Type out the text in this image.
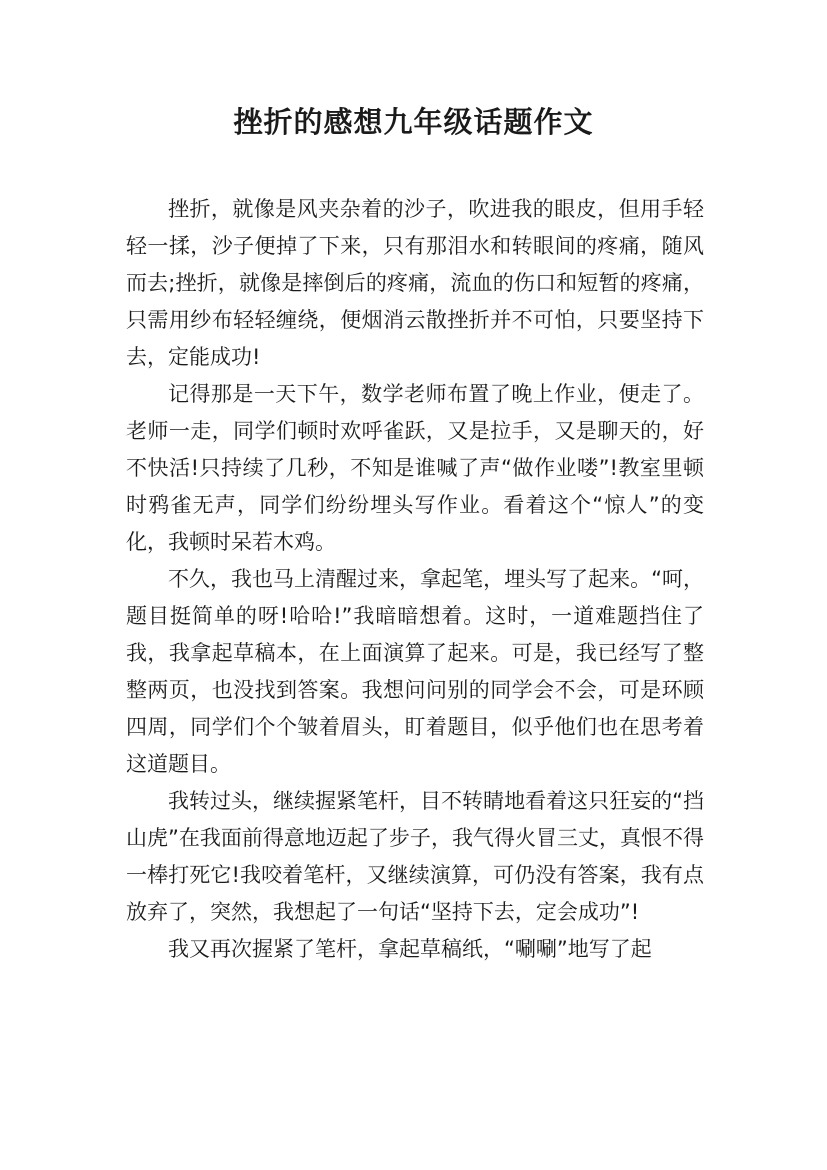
挫折的感想九年级话题作文

挫折，就像是风夹杂着的沙子，吹进我的眼皮，但用手轻轻一揉，沙子便掉了下来，只有那泪水和转眼间的疼痛，随风而去;挫折，就像是摔倒后的疼痛，流血的伤口和短暂的疼痛，只需用纱布轻轻缠绕，便烟消云散挫折并不可怕，只要坚持下去，定能成功!

记得那是一天下午，数学老师布置了晚上作业，便走了。老师一走，同学们顿时欢呼雀跃，又是拉手，又是聊天的，好不快活!只持续了几秒，不知是谁喊了声“做作业喽”!教室里顿时鸦雀无声，同学们纷纷埋头写作业。看着这个“惊人”的变化，我顿时呆若木鸡。

不久，我也马上清醒过来，拿起笔，埋头写了起来。“呵，题目挺简单的呀!哈哈!”我暗暗想着。这时，一道难题挡住了我，我拿起草稿本，在上面演算了起来。可是，我已经写了整整两页，也没找到答案。我想问问别的同学会不会，可是环顾四周，同学们个个皱着眉头，盯着题目，似乎他们也在思考着这道题目。

我转过头，继续握紧笔杆，目不转睛地看着这只狂妄的“挡山虎”在我面前得意地迈起了步子，我气得火冒三丈，真恨不得一棒打死它!我咬着笔杆，又继续演算，可仍没有答案，我有点放弃了，突然，我想起了一句话“坚持下去，定会成功”!

我又再次握紧了笔杆，拿起草稿纸，“唰唰”地写了起
